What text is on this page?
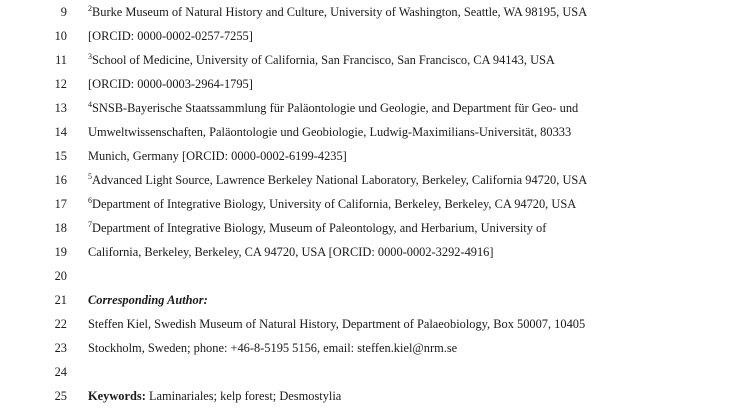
9	$^2$Burke Museum of Natural History and Culture, University of Washington, Seattle, WA 98195, USA
10 [ORCID: 0000-0002-0257-7255]
11	$^3$School of Medicine, University of California, San Francisco, San Francisco, CA 94143, USA
12 [ORCID: 0000-0003-2964-1795]
13	$^4$SNSB-Bayerische Staatssammlung für Paläontologie und Geologie, and Department für Geo- und
14 Umweltwissenschaften, Paläontologie und Geobiologie, Ludwig-Maximilians-Universität, 80333
15 Munich, Germany [ORCID: 0000-0002-6199-4235]
16	$^5$Advanced Light Source, Lawrence Berkeley National Laboratory, Berkeley, California 94720, USA
17	$^6$Department of Integrative Biology, University of California, Berkeley, Berkeley, CA 94720, USA
18	$^7$Department of Integrative Biology, Museum of Paleontology, and Herbarium, University of
19 California, Berkeley, Berkeley, CA 94720, USA [ORCID: 0000-0002-3292-4916]
20
21 Corresponding Author:
22 Steffen Kiel, Swedish Museum of Natural History, Department of Palaeobiology, Box 50007, 10405
23 Stockholm, Sweden; phone: +46-8-5195 5156, email: steffen.kiel@nrm.se
24
25 Keywords: Laminariales; kelp forest; Desmostylia
